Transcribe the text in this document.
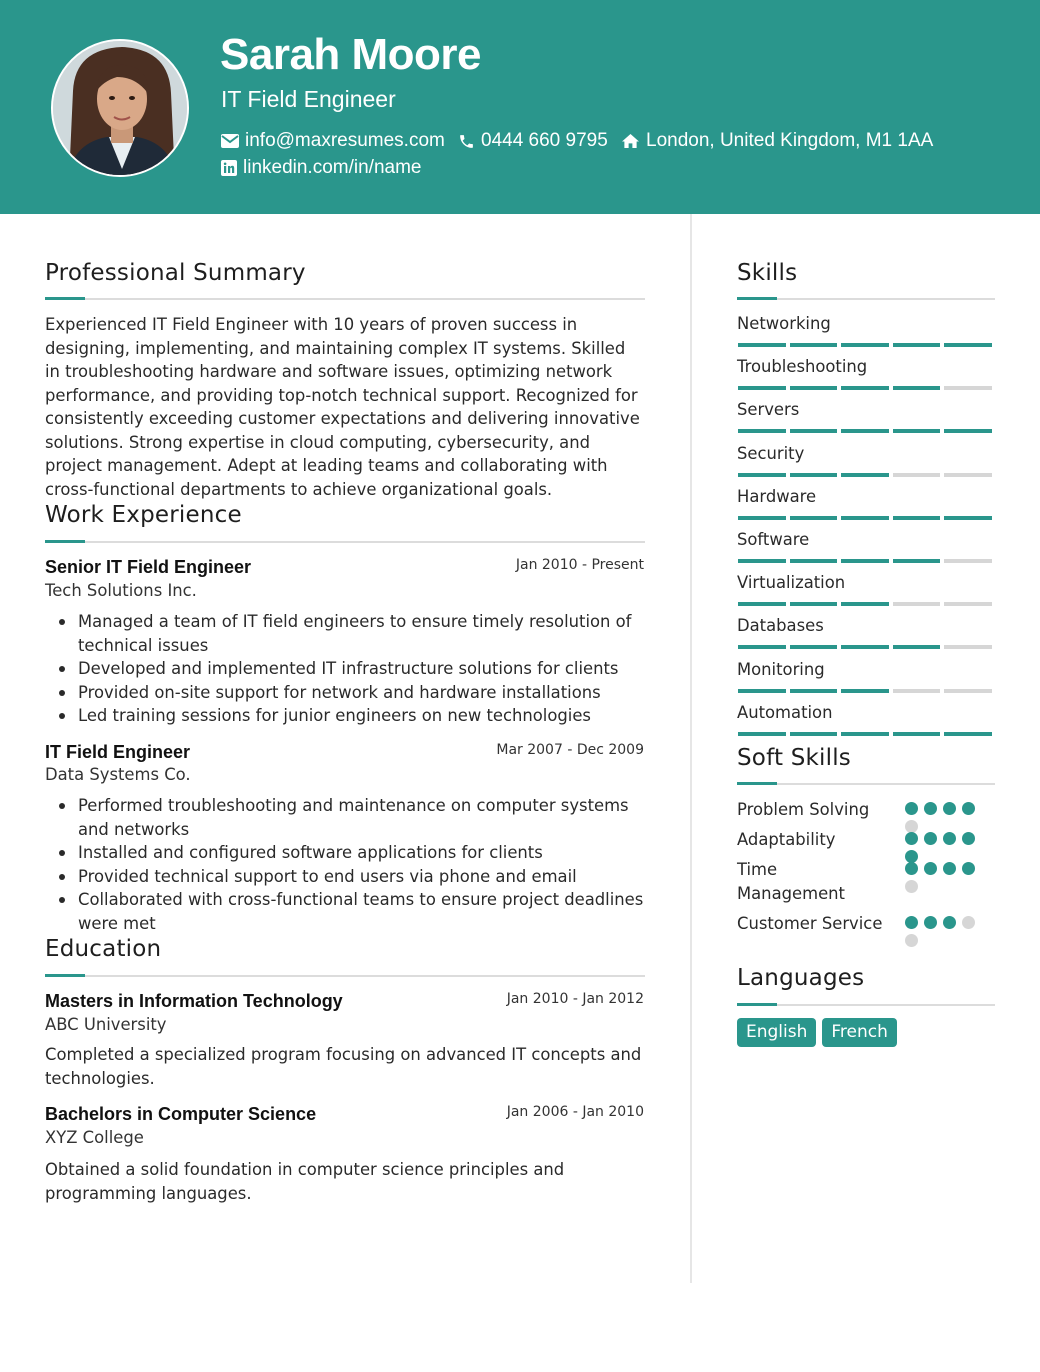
Sarah Moore
IT Field Engineer
info@maxresumes.com 0444 660 9795 London, United Kingdom, M1 1AA
linkedin.com/in/name
Professional Summary
Experienced IT Field Engineer with 10 years of proven success in designing, implementing, and maintaining complex IT systems. Skilled in troubleshooting hardware and software issues, optimizing network performance, and providing top-notch technical support. Recognized for consistently exceeding customer expectations and delivering innovative solutions. Strong expertise in cloud computing, cybersecurity, and project management. Adept at leading teams and collaborating with cross-functional departments to achieve organizational goals.
Work Experience
Senior IT Field Engineer	Jan 2010 - Present
Tech Solutions Inc.
Managed a team of IT field engineers to ensure timely resolution of technical issues
Developed and implemented IT infrastructure solutions for clients
Provided on-site support for network and hardware installations
Led training sessions for junior engineers on new technologies
IT Field Engineer	Mar 2007 - Dec 2009
Data Systems Co.
Performed troubleshooting and maintenance on computer systems and networks
Installed and configured software applications for clients
Provided technical support to end users via phone and email
Collaborated with cross-functional teams to ensure project deadlines were met
Education
Masters in Information Technology	Jan 2010 - Jan 2012
ABC University
Completed a specialized program focusing on advanced IT concepts and technologies.
Bachelors in Computer Science	Jan 2006 - Jan 2010
XYZ College
Obtained a solid foundation in computer science principles and programming languages.
Skills
Networking
Troubleshooting
Servers
Security
Hardware
Software
Virtualization
Databases
Monitoring
Automation
Soft Skills
Problem Solving
Adaptability
Time Management
Customer Service
Languages
English	French
